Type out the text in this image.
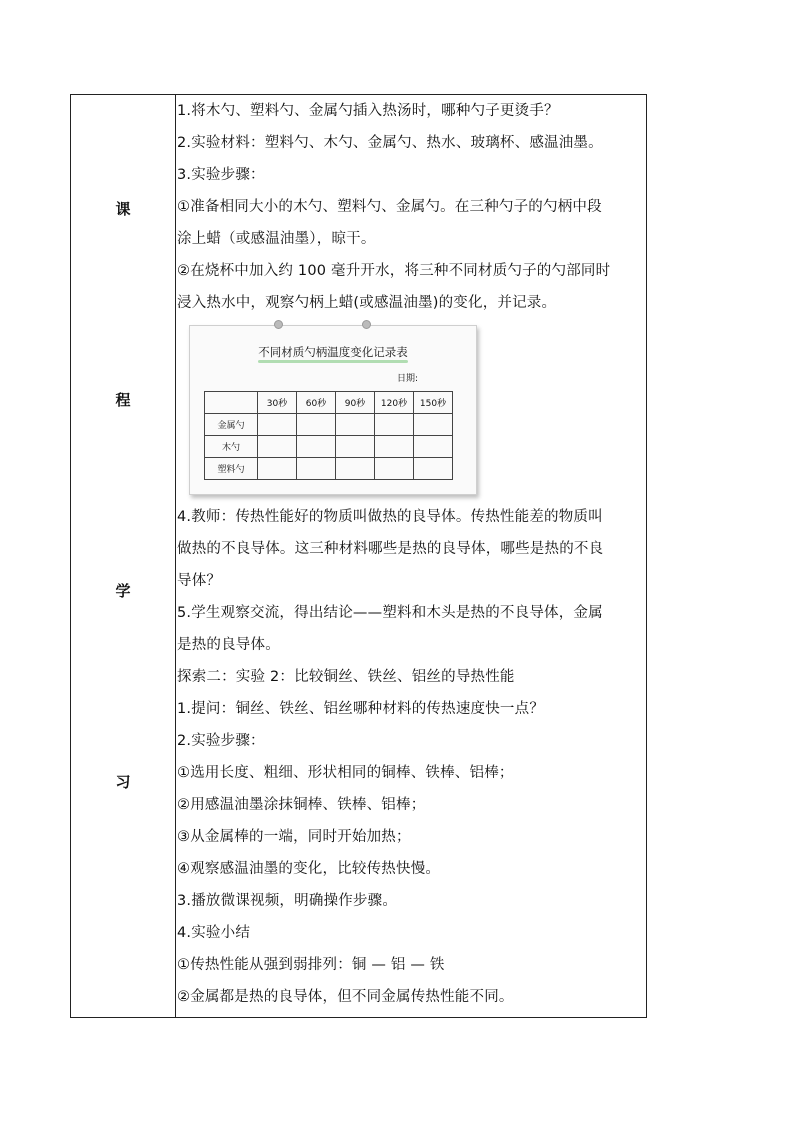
课
程
学
习
1.将木勺、塑料勺、金属勺插入热汤时，哪种勺子更烫手？
2.实验材料：塑料勺、木勺、金属勺、热水、玻璃杯、感温油墨。
3.实验步骤：
①准备相同大小的木勺、塑料勺、金属勺。在三种勺子的勺柄中段
涂上蜡（或感温油墨），晾干。
②在烧杯中加入约 100 毫升开水，将三种不同材质勺子的勺部同时
浸入热水中，观察勺柄上蜡(或感温油墨)的变化，并记录。
不同材质勺柄温度变化记录表
日期:
	30秒	60秒	90秒	120秒	150秒
金属勺					
木勺					
塑料勺					
4.教师：传热性能好的物质叫做热的良导体。传热性能差的物质叫
做热的不良导体。这三种材料哪些是热的良导体，哪些是热的不良
导体？
5.学生观察交流，得出结论——塑料和木头是热的不良导体，金属
是热的良导体。
探索二：实验 2：比较铜丝、铁丝、铝丝的导热性能
1.提问：铜丝、铁丝、铝丝哪种材料的传热速度快一点？
2.实验步骤：
①选用长度、粗细、形状相同的铜棒、铁棒、铝棒；
②用感温油墨涂抹铜棒、铁棒、铝棒；
③从金属棒的一端，同时开始加热；
④观察感温油墨的变化，比较传热快慢。
3.播放微课视频，明确操作步骤。
4.实验小结
①传热性能从强到弱排列：铜 — 铝 — 铁
②金属都是热的良导体，但不同金属传热性能不同。
